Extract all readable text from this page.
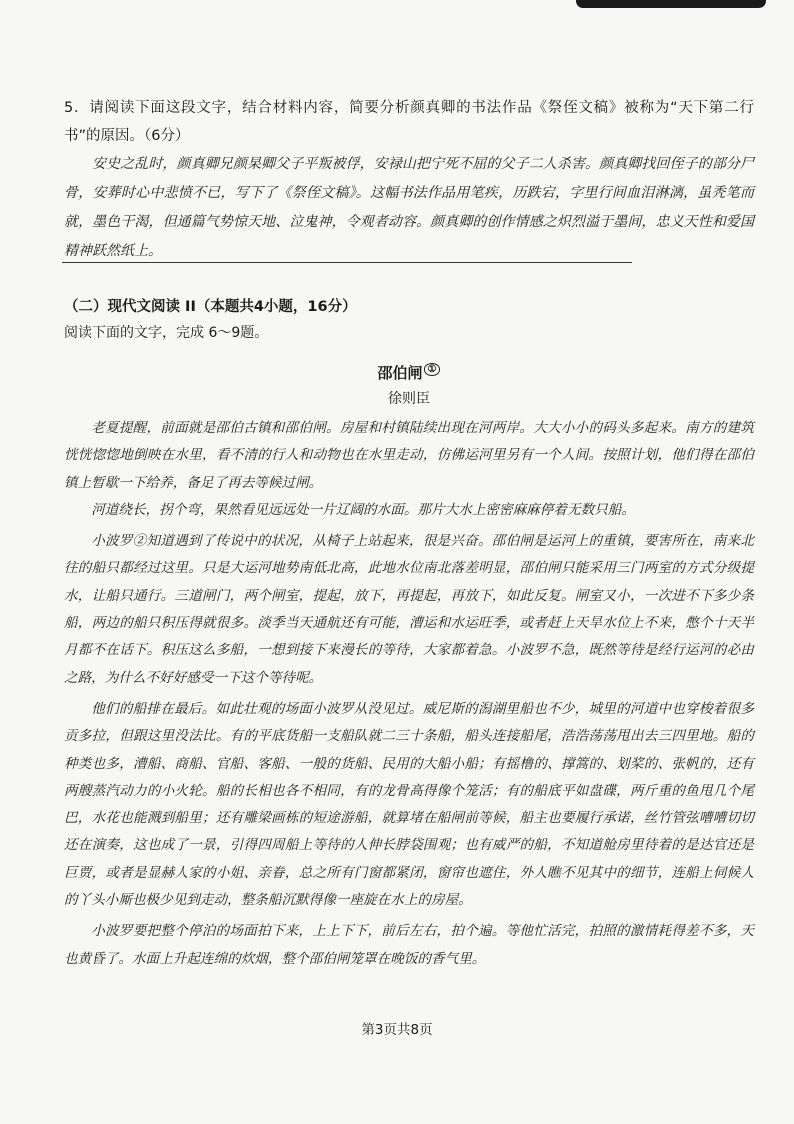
5．请阅读下面这段文字，结合材料内容，简要分析颜真卿的书法作品《祭侄文稿》被称为“天下第二行书”的原因。（6分）

安史之乱时，颜真卿兄颜杲卿父子平叛被俘，安禄山把宁死不屈的父子二人杀害。颜真卿找回侄子的部分尸骨，安葬时心中悲愤不已，写下了《祭侄文稿》。这幅书法作品用笔疾，历跌宕，字里行间血泪淋漓，虽秃笔而就，墨色干渴，但通篇气势惊天地、泣鬼神，令观者动容。颜真卿的创作情感之炽烈溢于墨间，忠义天性和爱国精神跃然纸上。

（二）现代文阅读 II（本题共4小题，16分）

阅读下面的文字，完成 6～9题。

邵伯闸 ①

徐则臣

老夏提醒，前面就是邵伯古镇和邵伯闸。房屋和村镇陆续出现在河两岸。大大小小的码头多起来。南方的建筑恍恍惚惚地倒映在水里，看不清的行人和动物也在水里走动，仿佛运河里另有一个人间。按照计划，他们得在邵伯镇上暂歇一下给养，备足了再去等候过闸。

河道绕长，拐个弯，果然看见远远处一片辽阔的水面。那片大水上密密麻麻停着无数只船。

小波罗②知道遇到了传说中的状况，从椅子上站起来，很是兴奋。邵伯闸是运河上的重镇，要害所在，南来北往的船只都经过这里。只是大运河地势南低北高，此地水位南北落差明显，邵伯闸只能采用三门两室的方式分级提水，让船只通行。三道闸门，两个闸室，提起，放下，再提起，再放下，如此反复。闸室又小，一次进不下多少条船，两边的船只积压得就很多。淡季当天通航还有可能，漕运和水运旺季，或者赶上天旱水位上不来，憋个十天半月都不在话下。积压这么多船，一想到接下来漫长的等待，大家都着急。小波罗不急，既然等待是经行运河的必由之路，为什么不好好感受一下这个等待呢。

他们的船排在最后。如此壮观的场面小波罗从没见过。威尼斯的潟湖里船也不少，城里的河道中也穿梭着很多贡多拉，但跟这里没法比。有的平底货船一支船队就二三十条船，船头连接船尾，浩浩荡荡甩出去三四里地。船的种类也多，漕船、商船、官船、客船、一般的货船、民用的大船小船；有摇橹的、撑篙的、划桨的、张帆的，还有两艘蒸汽动力的小火轮。船的长相也各不相同，有的龙骨高得像个笼活；有的船底平如盘碟，两斤重的鱼甩几个尾巴，水花也能溅到船里；还有雕梁画栋的短途游船，就算堵在船闸前等候，船主也要履行承诺，丝竹管弦嘈嘈切切还在演奏，这也成了一景，引得四周船上等待的人伸长脖袋围观；也有威严的船，不知道舱房里待着的是达官还是巨贾，或者是显赫人家的小姐、亲眷，总之所有门窗都紧闭，窗帘也遮住，外人瞧不见其中的细节，连船上伺候人的丫头小厮也极少见到走动，整条船沉默得像一座旋在水上的房屋。

小波罗要把整个停泊的场面拍下来，上上下下，前后左右，拍个遍。等他忙活完，拍照的激情耗得差不多，天也黄昏了。水面上升起连绵的炊烟，整个邵伯闸笼罩在晚饭的香气里。

第3页共8页
